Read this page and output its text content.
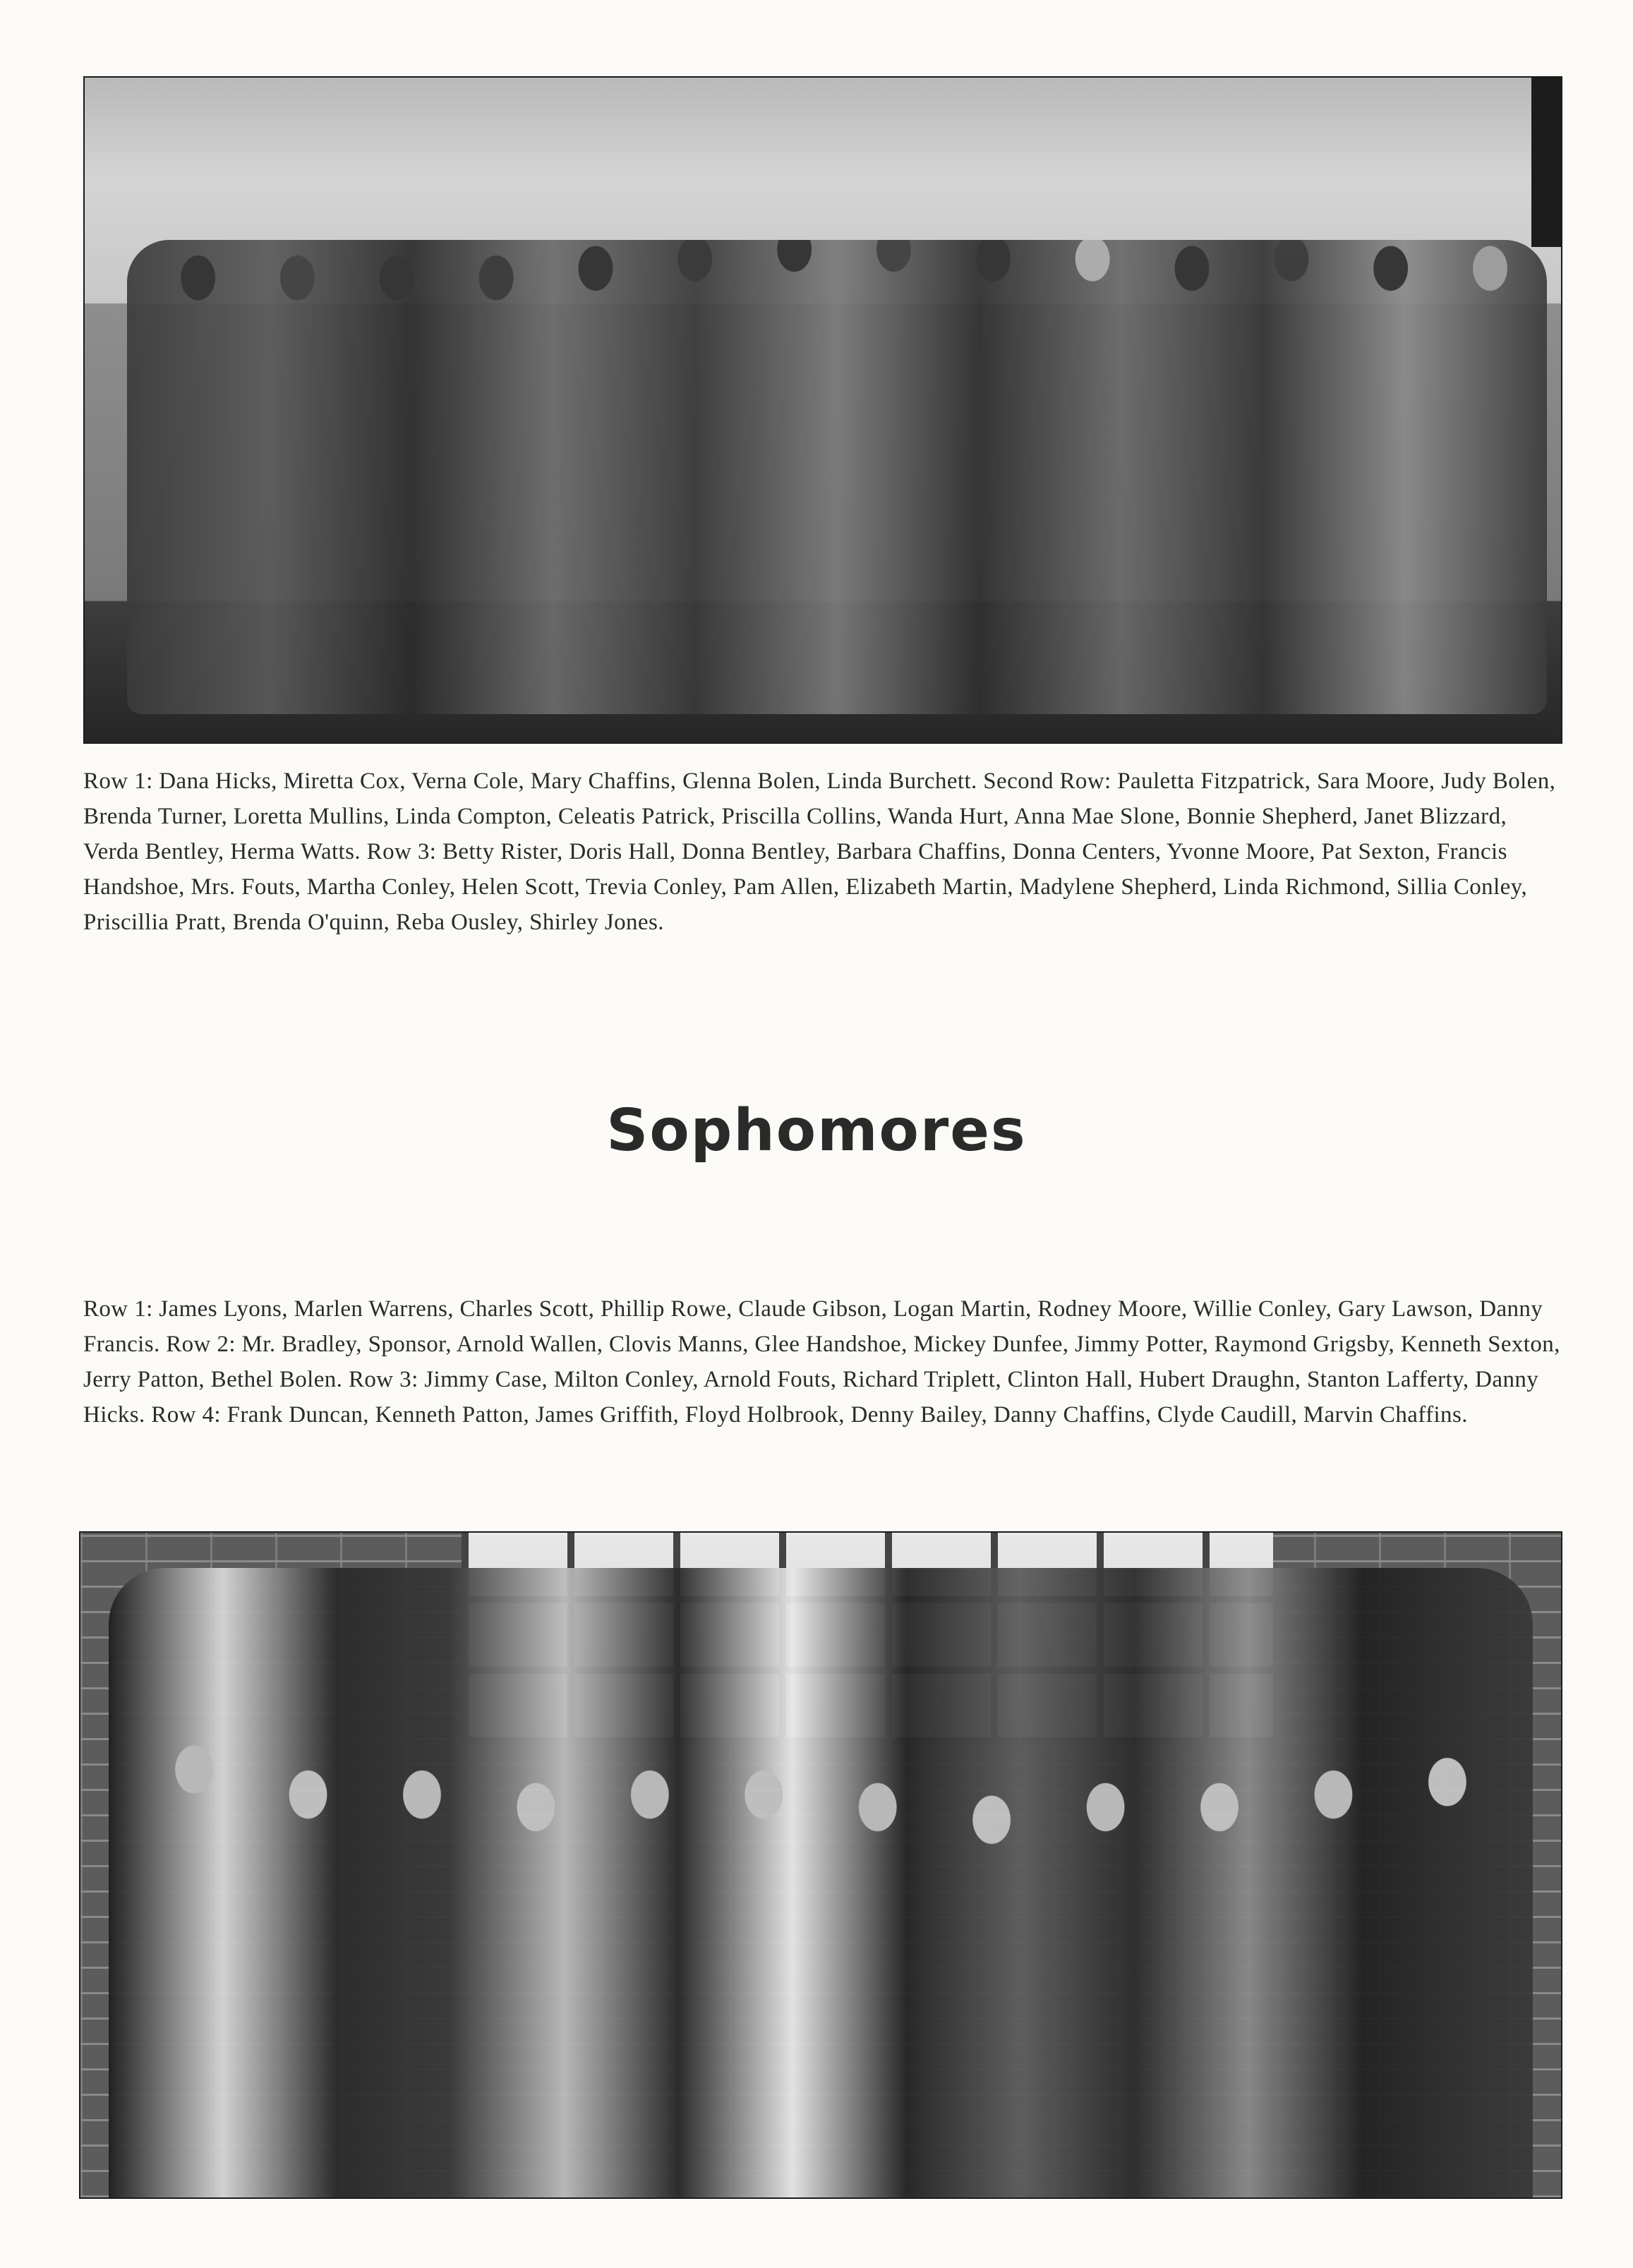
Row 1: Dana Hicks, Miretta Cox, Verna Cole, Mary Chaffins, Glenna Bolen, Linda Burchett. Second Row: Pauletta Fitzpatrick, Sara Moore, Judy Bolen, Brenda Turner, Loretta Mullins, Linda Compton, Celeatis Patrick, Priscilla Collins, Wanda Hurt, Anna Mae Slone, Bonnie Shepherd, Janet Blizzard, Verda Bentley, Herma Watts. Row 3: Betty Rister, Doris Hall, Donna Bentley, Barbara Chaffins, Donna Centers, Yvonne Moore, Pat Sexton, Francis Handshoe, Mrs. Fouts, Martha Conley, Helen Scott, Trevia Conley, Pam Allen, Elizabeth Martin, Madylene Shepherd, Linda Richmond, Sillia Conley, Priscillia Pratt, Brenda O'quinn, Reba Ousley, Shirley Jones.

Sophomores

Row 1: James Lyons, Marlen Warrens, Charles Scott, Phillip Rowe, Claude Gibson, Logan Martin, Rodney Moore, Willie Conley, Gary Lawson, Danny Francis. Row 2: Mr. Bradley, Sponsor, Arnold Wallen, Clovis Manns, Glee Handshoe, Mickey Dunfee, Jimmy Potter, Raymond Grigsby, Kenneth Sexton, Jerry Patton, Bethel Bolen. Row 3: Jimmy Case, Milton Conley, Arnold Fouts, Richard Triplett, Clinton Hall, Hubert Draughn, Stanton Lafferty, Danny Hicks. Row 4: Frank Duncan, Kenneth Patton, James Griffith, Floyd Holbrook, Denny Bailey, Danny Chaffins, Clyde Caudill, Marvin Chaffins.
